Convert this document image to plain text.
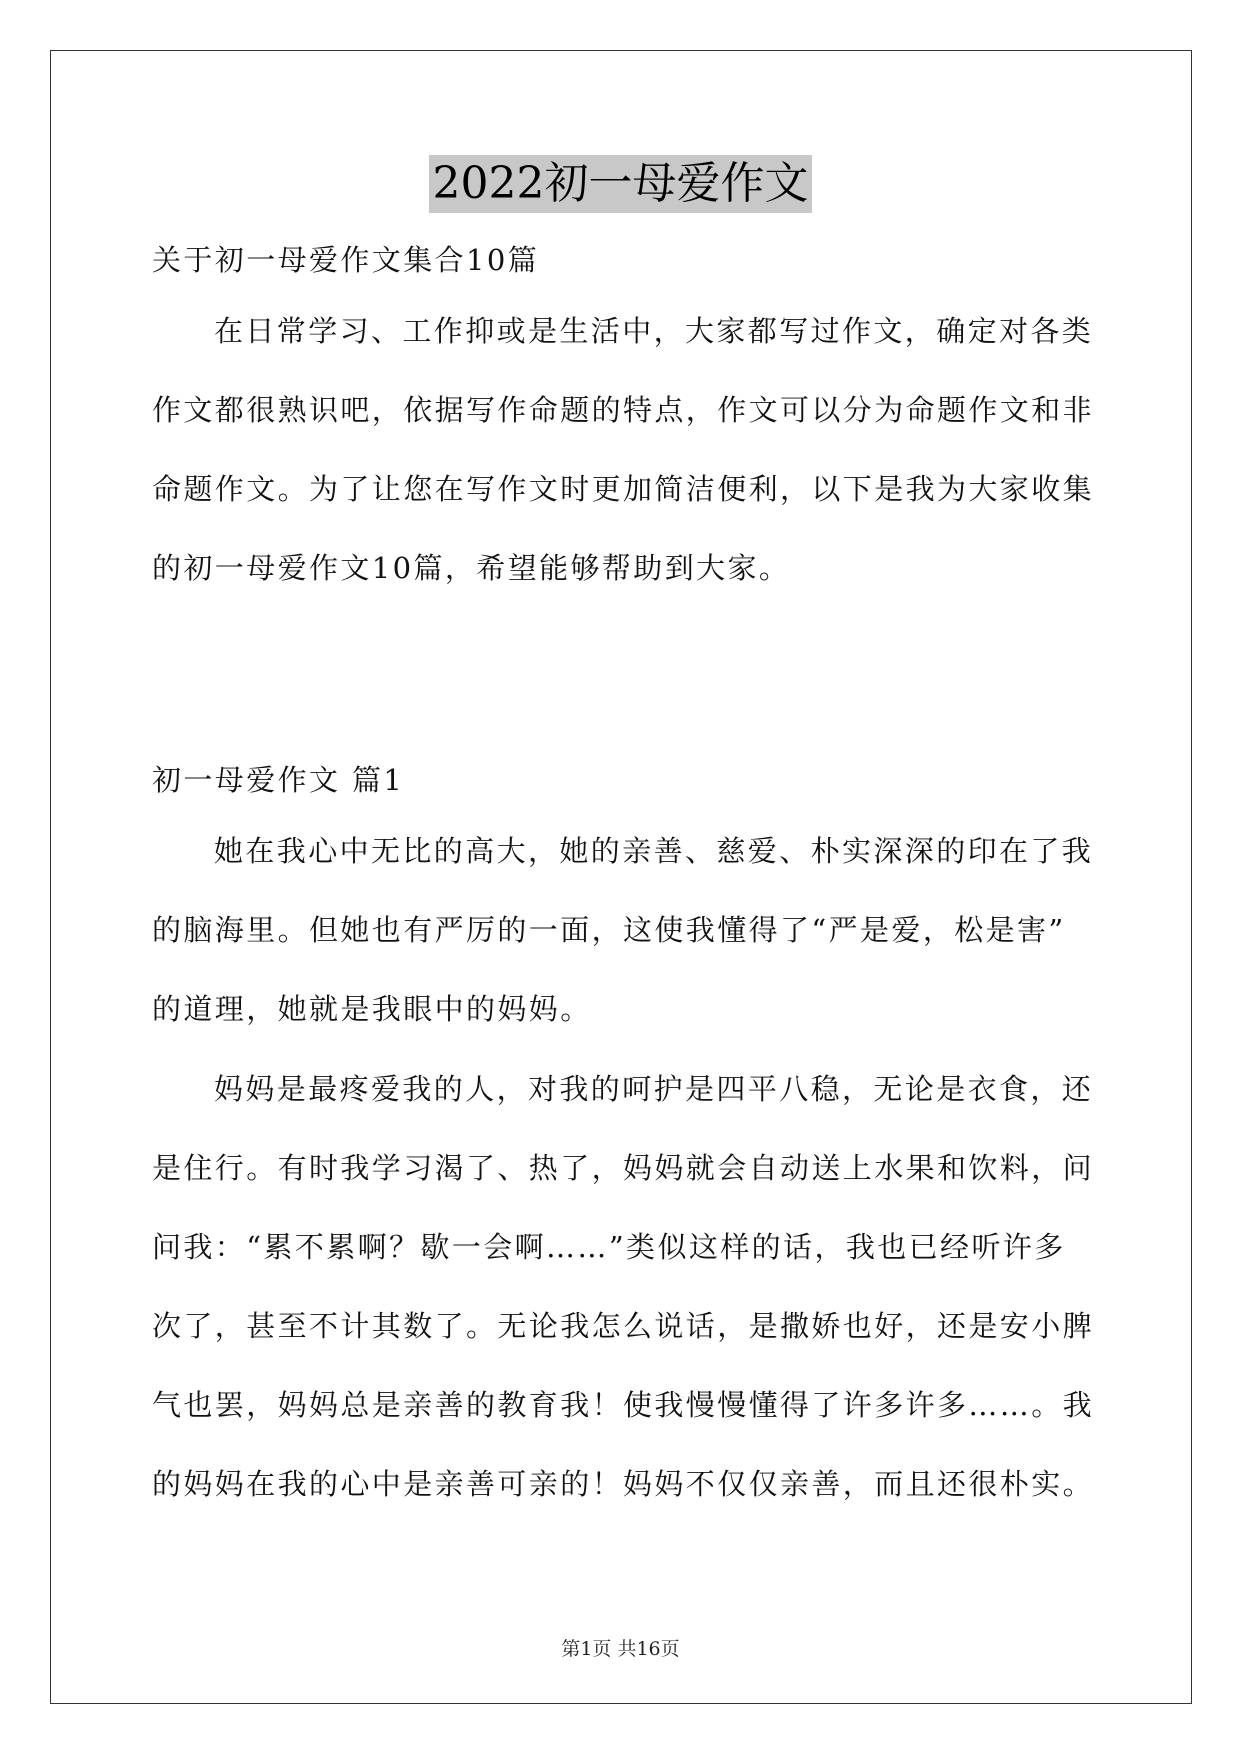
2022初一母爱作文
关于初一母爱作文集合10篇
在日常学习、工作抑或是生活中，大家都写过作文，确定对各类
作文都很熟识吧，依据写作命题的特点，作文可以分为命题作文和非
命题作文。为了让您在写作文时更加简洁便利，以下是我为大家收集
的初一母爱作文10篇，希望能够帮助到大家。
初一母爱作文 篇1
她在我心中无比的高大，她的亲善、慈爱、朴实深深的印在了我
的脑海里。但她也有严厉的一面，这使我懂得了“严是爱，松是害”
的道理，她就是我眼中的妈妈。
妈妈是最疼爱我的人，对我的呵护是四平八稳，无论是衣食，还
是住行。有时我学习渴了、热了，妈妈就会自动送上水果和饮料，问
问我：“累不累啊？歇一会啊……”类似这样的话，我也已经听许多
次了，甚至不计其数了。无论我怎么说话，是撒娇也好，还是安小脾
气也罢，妈妈总是亲善的教育我！使我慢慢懂得了许多许多……。我
的妈妈在我的心中是亲善可亲的！妈妈不仅仅亲善，而且还很朴实。
第1页 共16页
